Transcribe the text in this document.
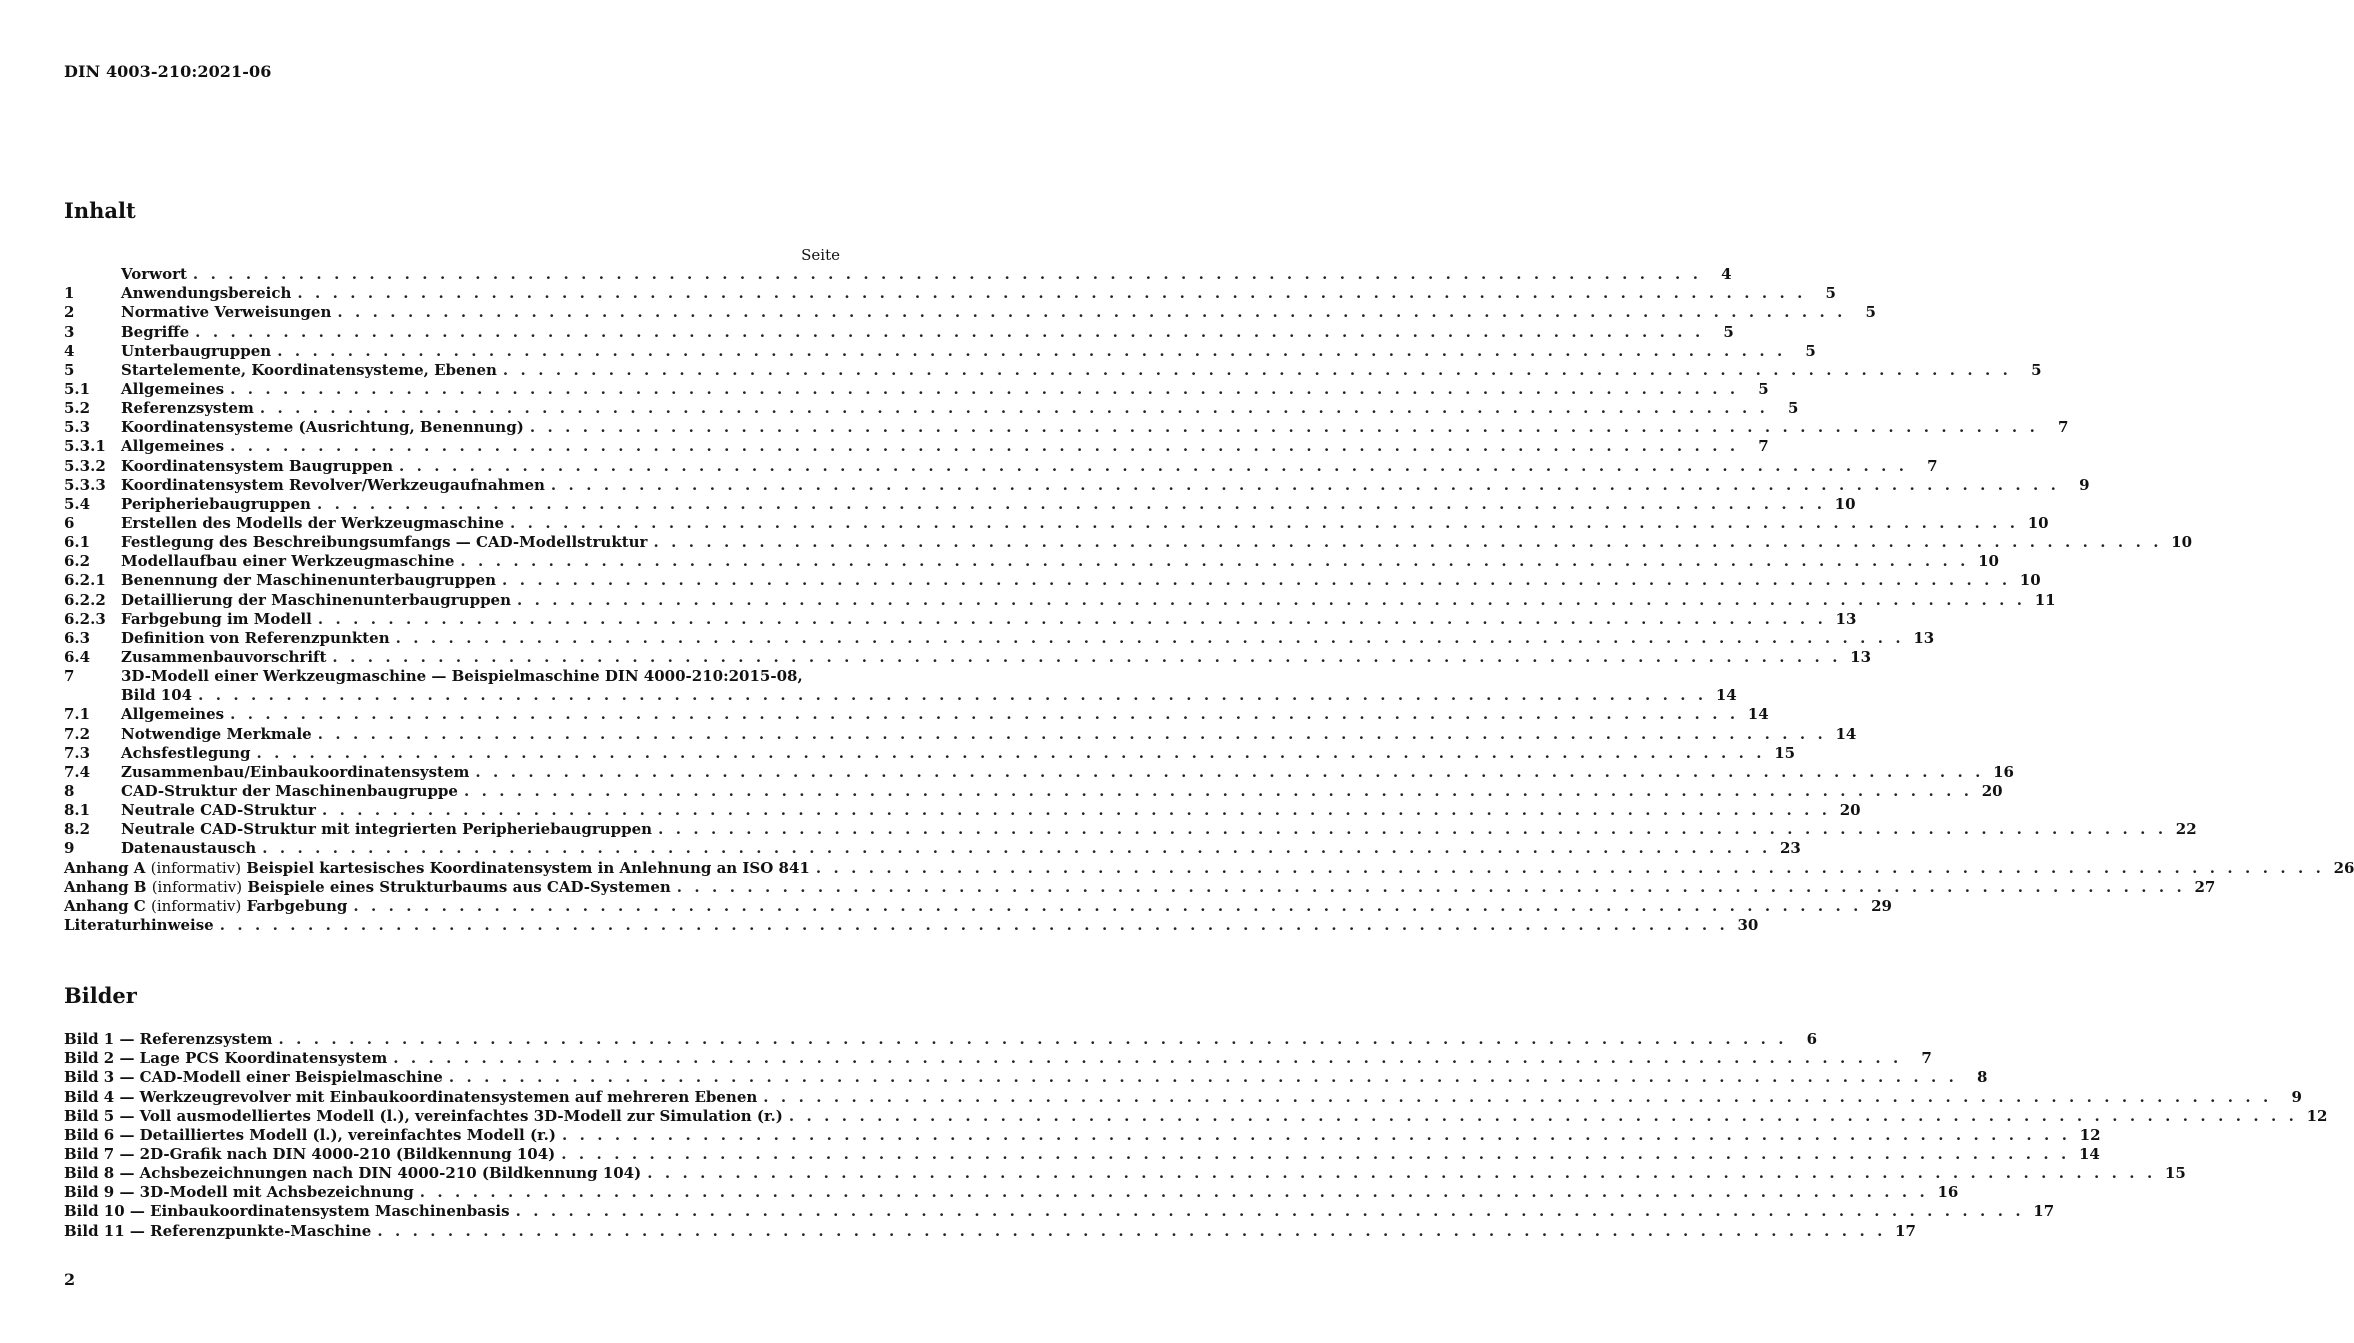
DIN 4003-210:2021-06
Inhalt
Seite
Vorwort . . . . . . . . . . . . . . . . . . . . . . . . . . . . . . . . . . . . . . . . . . . . . . . . . . . . . . . . . . . . . . . . . . . . . . . . . . . . . . . . . . . . . .	4
1	Anwendungsbereich . . . . . . . . . . . . . . . . . . . . . . . . . . . . . . . . . . . . . . . . . . . . . . . . . . . . . . . . . . . . . . . . . . . . . . . . . . . . . . . . . . . . . .	5
2	Normative Verweisungen . . . . . . . . . . . . . . . . . . . . . . . . . . . . . . . . . . . . . . . . . . . . . . . . . . . . . . . . . . . . . . . . . . . . . . . . . . . . . . . . . . . . . .	5
3	Begriffe . . . . . . . . . . . . . . . . . . . . . . . . . . . . . . . . . . . . . . . . . . . . . . . . . . . . . . . . . . . . . . . . . . . . . . . . . . . . . . . . . . . . . .	5
4	Unterbaugruppen . . . . . . . . . . . . . . . . . . . . . . . . . . . . . . . . . . . . . . . . . . . . . . . . . . . . . . . . . . . . . . . . . . . . . . . . . . . . . . . . . . . . . .	5
5	Startelemente, Koordinatensysteme, Ebenen . . . . . . . . . . . . . . . . . . . . . . . . . . . . . . . . . . . . . . . . . . . . . . . . . . . . . . . . . . . . . . . . . . . . . . . . . . . . . . . . . . . . . .	5
5.1	Allgemeines . . . . . . . . . . . . . . . . . . . . . . . . . . . . . . . . . . . . . . . . . . . . . . . . . . . . . . . . . . . . . . . . . . . . . . . . . . . . . . . . . . . . . .	5
5.2	Referenzsystem . . . . . . . . . . . . . . . . . . . . . . . . . . . . . . . . . . . . . . . . . . . . . . . . . . . . . . . . . . . . . . . . . . . . . . . . . . . . . . . . . . . . . .	5
5.3	Koordinatensysteme (Ausrichtung, Benennung) . . . . . . . . . . . . . . . . . . . . . . . . . . . . . . . . . . . . . . . . . . . . . . . . . . . . . . . . . . . . . . . . . . . . . . . . . . . . . . . . . . . . . .	7
5.3.1	Allgemeines . . . . . . . . . . . . . . . . . . . . . . . . . . . . . . . . . . . . . . . . . . . . . . . . . . . . . . . . . . . . . . . . . . . . . . . . . . . . . . . . . . . . . .	7
5.3.2	Koordinatensystem Baugruppen . . . . . . . . . . . . . . . . . . . . . . . . . . . . . . . . . . . . . . . . . . . . . . . . . . . . . . . . . . . . . . . . . . . . . . . . . . . . . . . . . . . . . .	7
5.3.3	Koordinatensystem Revolver/Werkzeugaufnahmen . . . . . . . . . . . . . . . . . . . . . . . . . . . . . . . . . . . . . . . . . . . . . . . . . . . . . . . . . . . . . . . . . . . . . . . . . . . . . . . . . . . . . .	9
5.4	Peripheriebaugruppen . . . . . . . . . . . . . . . . . . . . . . . . . . . . . . . . . . . . . . . . . . . . . . . . . . . . . . . . . . . . . . . . . . . . . . . . . . . . . . . . . . . . . . 10
6	Erstellen des Modells der Werkzeugmaschine . . . . . . . . . . . . . . . . . . . . . . . . . . . . . . . . . . . . . . . . . . . . . . . . . . . . . . . . . . . . . . . . . . . . . . . . . . . . . . . . . . . . . . 10
6.1	Festlegung des Beschreibungsumfangs — CAD-Modellstruktur . . . . . . . . . . . . . . . . . . . . . . . . . . . . . . . . . . . . . . . . . . . . . . . . . . . . . . . . . . . . . . . . . . . . . . . . . . . . . . . . . . . . . . 10
6.2	Modellaufbau einer Werkzeugmaschine . . . . . . . . . . . . . . . . . . . . . . . . . . . . . . . . . . . . . . . . . . . . . . . . . . . . . . . . . . . . . . . . . . . . . . . . . . . . . . . . . . . . . . 10
6.2.1	Benennung der Maschinenunterbaugruppen . . . . . . . . . . . . . . . . . . . . . . . . . . . . . . . . . . . . . . . . . . . . . . . . . . . . . . . . . . . . . . . . . . . . . . . . . . . . . . . . . . . . . . 10
6.2.2	Detaillierung der Maschinenunterbaugruppen . . . . . . . . . . . . . . . . . . . . . . . . . . . . . . . . . . . . . . . . . . . . . . . . . . . . . . . . . . . . . . . . . . . . . . . . . . . . . . . . . . . . . . 11
6.2.3	Farbgebung im Modell . . . . . . . . . . . . . . . . . . . . . . . . . . . . . . . . . . . . . . . . . . . . . . . . . . . . . . . . . . . . . . . . . . . . . . . . . . . . . . . . . . . . . . 13
6.3	Definition von Referenzpunkten . . . . . . . . . . . . . . . . . . . . . . . . . . . . . . . . . . . . . . . . . . . . . . . . . . . . . . . . . . . . . . . . . . . . . . . . . . . . . . . . . . . . . . 13
6.4	Zusammenbauvorschrift . . . . . . . . . . . . . . . . . . . . . . . . . . . . . . . . . . . . . . . . . . . . . . . . . . . . . . . . . . . . . . . . . . . . . . . . . . . . . . . . . . . . . . 13
7	3D-Modell einer Werkzeugmaschine — Beispielmaschine DIN 4000-210:2015-08,
Bild 104 . . . . . . . . . . . . . . . . . . . . . . . . . . . . . . . . . . . . . . . . . . . . . . . . . . . . . . . . . . . . . . . . . . . . . . . . . . . . . . . . . . . . . . 14
7.1	Allgemeines . . . . . . . . . . . . . . . . . . . . . . . . . . . . . . . . . . . . . . . . . . . . . . . . . . . . . . . . . . . . . . . . . . . . . . . . . . . . . . . . . . . . . . 14
7.2	Notwendige Merkmale . . . . . . . . . . . . . . . . . . . . . . . . . . . . . . . . . . . . . . . . . . . . . . . . . . . . . . . . . . . . . . . . . . . . . . . . . . . . . . . . . . . . . . 14
7.3	Achsfestlegung . . . . . . . . . . . . . . . . . . . . . . . . . . . . . . . . . . . . . . . . . . . . . . . . . . . . . . . . . . . . . . . . . . . . . . . . . . . . . . . . . . . . . . 15
7.4	Zusammenbau/Einbaukoordinatensystem . . . . . . . . . . . . . . . . . . . . . . . . . . . . . . . . . . . . . . . . . . . . . . . . . . . . . . . . . . . . . . . . . . . . . . . . . . . . . . . . . . . . . . 16
8	CAD-Struktur der Maschinenbaugruppe . . . . . . . . . . . . . . . . . . . . . . . . . . . . . . . . . . . . . . . . . . . . . . . . . . . . . . . . . . . . . . . . . . . . . . . . . . . . . . . . . . . . . . 20
8.1	Neutrale CAD-Struktur . . . . . . . . . . . . . . . . . . . . . . . . . . . . . . . . . . . . . . . . . . . . . . . . . . . . . . . . . . . . . . . . . . . . . . . . . . . . . . . . . . . . . . 20
8.2	Neutrale CAD-Struktur mit integrierten Peripheriebaugruppen . . . . . . . . . . . . . . . . . . . . . . . . . . . . . . . . . . . . . . . . . . . . . . . . . . . . . . . . . . . . . . . . . . . . . . . . . . . . . . . . . . . . . . 22
9	Datenaustausch . . . . . . . . . . . . . . . . . . . . . . . . . . . . . . . . . . . . . . . . . . . . . . . . . . . . . . . . . . . . . . . . . . . . . . . . . . . . . . . . . . . . . . 23
Anhang A (informativ) Beispiel kartesisches Koordinatensystem in Anlehnung an ISO 841 . . . . . . . . . . . . . . . . . . . . . . . . . . . . . . . . . . . . . . . . . . . . . . . . . . . . . . . . . . . . . . . . . . . . . . . . . . . . . . . . . . . . . . 26
Anhang B (informativ) Beispiele eines Strukturbaums aus CAD-Systemen . . . . . . . . . . . . . . . . . . . . . . . . . . . . . . . . . . . . . . . . . . . . . . . . . . . . . . . . . . . . . . . . . . . . . . . . . . . . . . . . . . . . . . 27
Anhang C (informativ) Farbgebung . . . . . . . . . . . . . . . . . . . . . . . . . . . . . . . . . . . . . . . . . . . . . . . . . . . . . . . . . . . . . . . . . . . . . . . . . . . . . . . . . . . . . . 29
Literaturhinweise . . . . . . . . . . . . . . . . . . . . . . . . . . . . . . . . . . . . . . . . . . . . . . . . . . . . . . . . . . . . . . . . . . . . . . . . . . . . . . . . . . . . . . 30
Bilder
Bild 1 — Referenzsystem . . . . . . . . . . . . . . . . . . . . . . . . . . . . . . . . . . . . . . . . . . . . . . . . . . . . . . . . . . . . . . . . . . . . . . . . . . . . . . . . . . . . . .	6
Bild 2 — Lage PCS Koordinatensystem . . . . . . . . . . . . . . . . . . . . . . . . . . . . . . . . . . . . . . . . . . . . . . . . . . . . . . . . . . . . . . . . . . . . . . . . . . . . . . . . . . . . . .	7
Bild 3 — CAD-Modell einer Beispielmaschine . . . . . . . . . . . . . . . . . . . . . . . . . . . . . . . . . . . . . . . . . . . . . . . . . . . . . . . . . . . . . . . . . . . . . . . . . . . . . . . . . . . . . .	8
Bild 4 — Werkzeugrevolver mit Einbaukoordinatensystemen auf mehreren Ebenen . . . . . . . . . . . . . . . . . . . . . . . . . . . . . . . . . . . . . . . . . . . . . . . . . . . . . . . . . . . . . . . . . . . . . . . . . . . . . . . . . . . . . .	9
Bild 5 — Voll ausmodelliertes Modell (l.), vereinfachtes 3D-Modell zur Simulation (r.) . . . . . . . . . . . . . . . . . . . . . . . . . . . . . . . . . . . . . . . . . . . . . . . . . . . . . . . . . . . . . . . . . . . . . . . . . . . . . . . . . . . . . . 12
Bild 6 — Detailliertes Modell (l.), vereinfachtes Modell (r.) . . . . . . . . . . . . . . . . . . . . . . . . . . . . . . . . . . . . . . . . . . . . . . . . . . . . . . . . . . . . . . . . . . . . . . . . . . . . . . . . . . . . . . 12
Bild 7 — 2D-Grafik nach DIN 4000-210 (Bildkennung 104) . . . . . . . . . . . . . . . . . . . . . . . . . . . . . . . . . . . . . . . . . . . . . . . . . . . . . . . . . . . . . . . . . . . . . . . . . . . . . . . . . . . . . . 14
Bild 8 — Achsbezeichnungen nach DIN 4000-210 (Bildkennung 104) . . . . . . . . . . . . . . . . . . . . . . . . . . . . . . . . . . . . . . . . . . . . . . . . . . . . . . . . . . . . . . . . . . . . . . . . . . . . . . . . . . . . . . 15
Bild 9 — 3D-Modell mit Achsbezeichnung . . . . . . . . . . . . . . . . . . . . . . . . . . . . . . . . . . . . . . . . . . . . . . . . . . . . . . . . . . . . . . . . . . . . . . . . . . . . . . . . . . . . . . 16
Bild 10 — Einbaukoordinatensystem Maschinenbasis . . . . . . . . . . . . . . . . . . . . . . . . . . . . . . . . . . . . . . . . . . . . . . . . . . . . . . . . . . . . . . . . . . . . . . . . . . . . . . . . . . . . . . 17
Bild 11 — Referenzpunkte-Maschine . . . . . . . . . . . . . . . . . . . . . . . . . . . . . . . . . . . . . . . . . . . . . . . . . . . . . . . . . . . . . . . . . . . . . . . . . . . . . . . . . . . . . . 17
2
